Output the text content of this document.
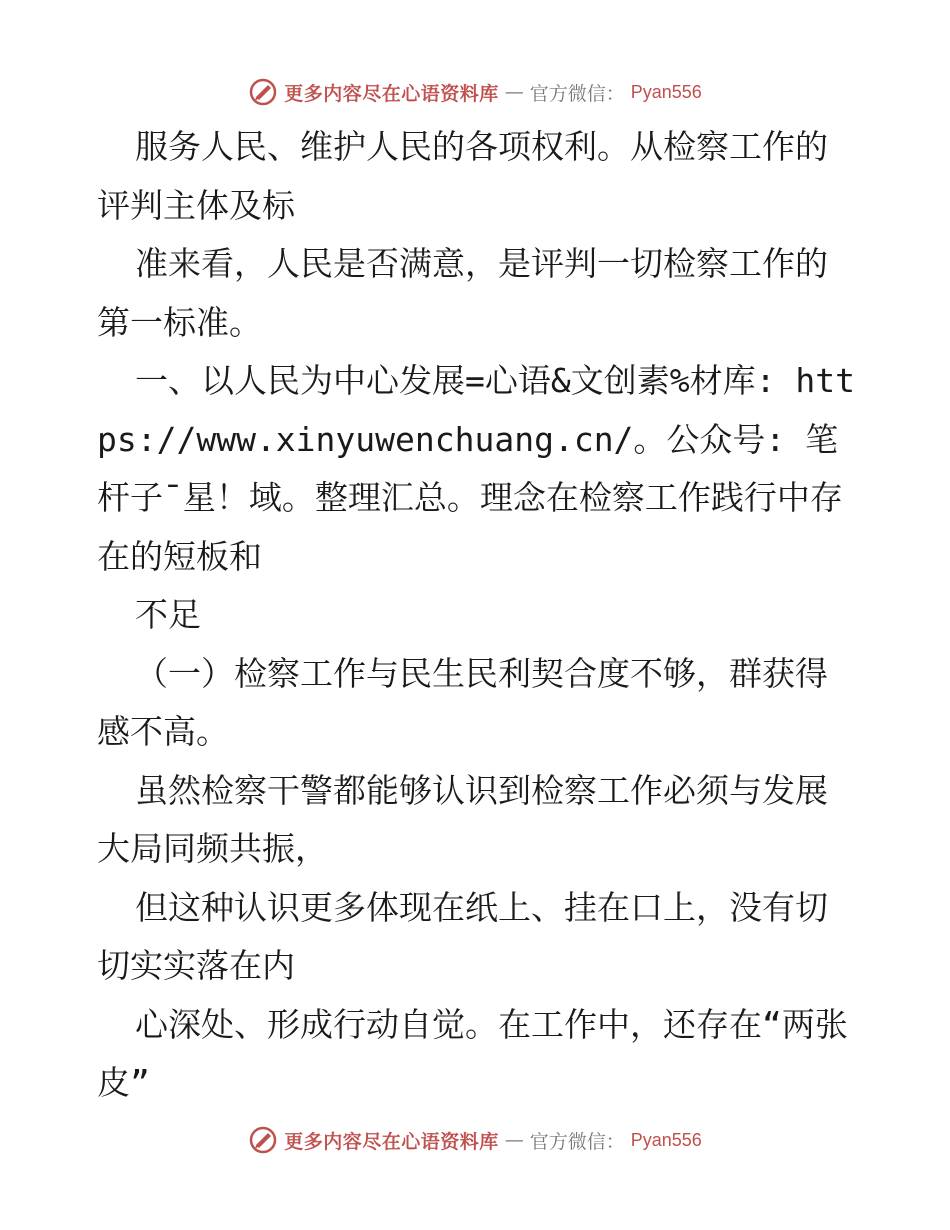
更多内容尽在心语资料库 — 官方微信： Pyan556

服务人民、维护人民的各项权利。从检察工作的评判主体及标

准来看，人民是否满意，是评判一切检察工作的第一标准。

一、以人民为中心发展=心语&文创素%材库: https://www.xinyuwenchuang.cn/。公众号: 笔杆子¯星！域。整理汇总。理念在检察工作践行中存在的短板和

不足

（一）检察工作与民生民利契合度不够，群获得感不高。

虽然检察干警都能够认识到检察工作必须与发展大局同频共振，

但这种认识更多体现在纸上、挂在口上，没有切切实实落在内

心深处、形成行动自觉。在工作中，还存在“两张皮”

更多内容尽在心语资料库 — 官方微信： Pyan556
